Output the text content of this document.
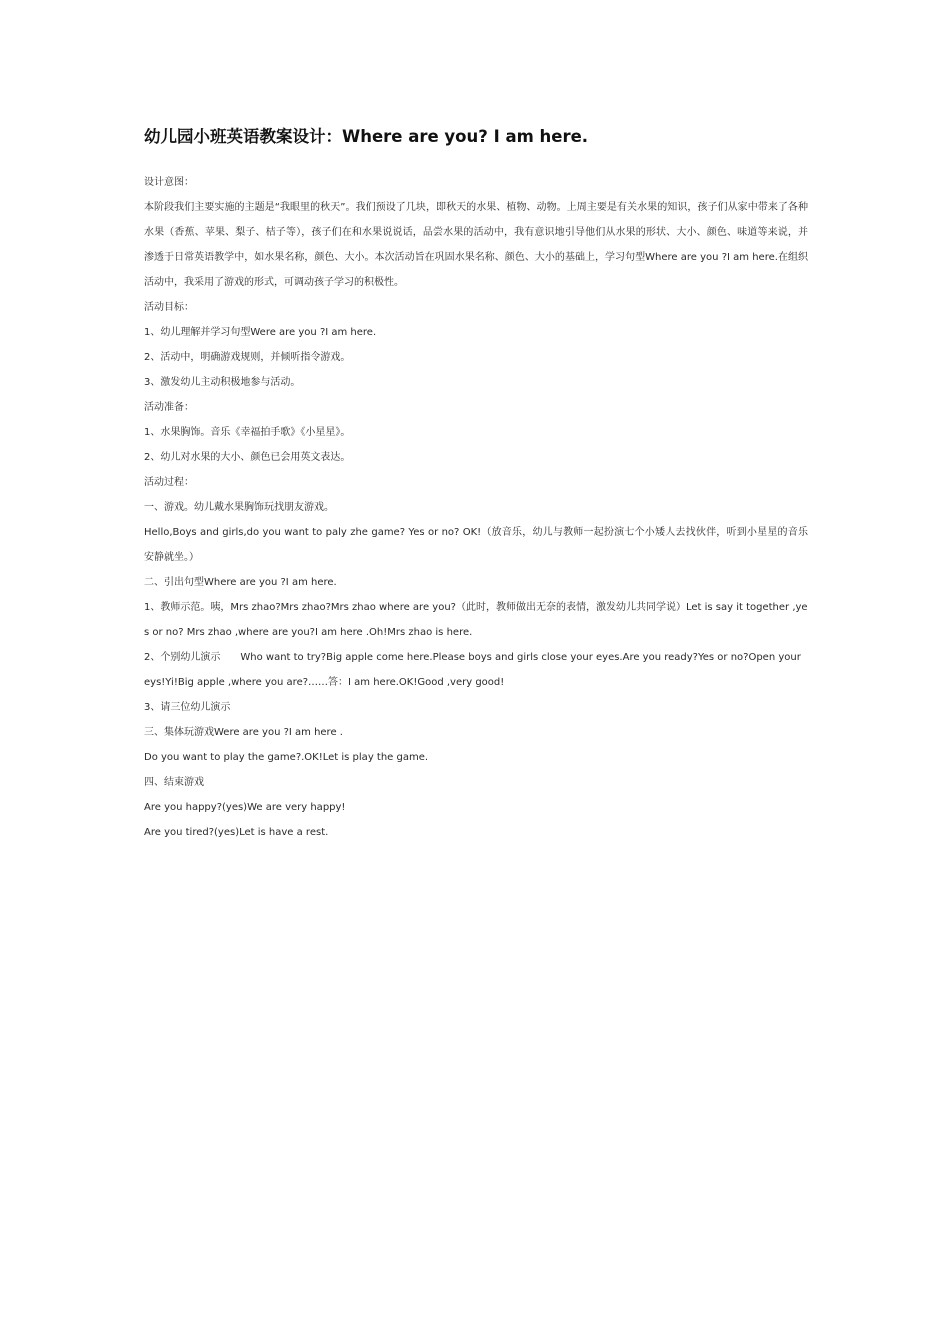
幼儿园小班英语教案设计：Where are you? I am here.

设计意图：

本阶段我们主要实施的主题是“我眼里的秋天”。我们预设了几块，即秋天的水果、植物、动物。上周主要是有关水果的知识，孩子们从家中带来了各种水果（香蕉、苹果、梨子、桔子等），孩子们在和水果说说话，品尝水果的活动中，我有意识地引导他们从水果的形状、大小、颜色、味道等来说，并渗透于日常英语教学中，如水果名称，颜色、大小。本次活动旨在巩固水果名称、颜色、大小的基础上，学习句型Where are you ?I am here.在组织活动中，我采用了游戏的形式，可调动孩子学习的积极性。

活动目标：

1、幼儿理解并学习句型Were are you ?I am here.

2、活动中，明确游戏规则，并倾听指令游戏。

3、激发幼儿主动积极地参与活动。

活动准备：

1、水果胸饰。音乐《幸福拍手歌》《小星星》。

2、幼儿对水果的大小、颜色已会用英文表达。

活动过程：

一、游戏。幼儿戴水果胸饰玩找朋友游戏。

Hello,Boys and girls,do you want to paly zhe game? Yes or no? OK!（放音乐，幼儿与教师一起扮演七个小矮人去找伙伴，听到小星星的音乐安静就坐。）

二、引出句型Where are you ?I am here.

1、教师示范。咦，Mrs zhao?Mrs zhao?Mrs zhao where are you?（此时，教师做出无奈的表情，激发幼儿共同学说）Let is say it together ,yes or no? Mrs zhao ,where are you?I am here .Oh!Mrs zhao is here.

2、个别幼儿演示　　Who want to try?Big apple come here.Please boys and girls close your eyes.Are you ready?Yes or no?Open your eys!Yi!Big apple ,where you are?……答：I am here.OK!Good ,very good!

3、请三位幼儿演示

三、集体玩游戏Were are you ?I am here .

Do you want to play the game?.OK!Let is play the game.

四、结束游戏

Are you happy?(yes)We are very happy!

Are you tired?(yes)Let is have a rest.
